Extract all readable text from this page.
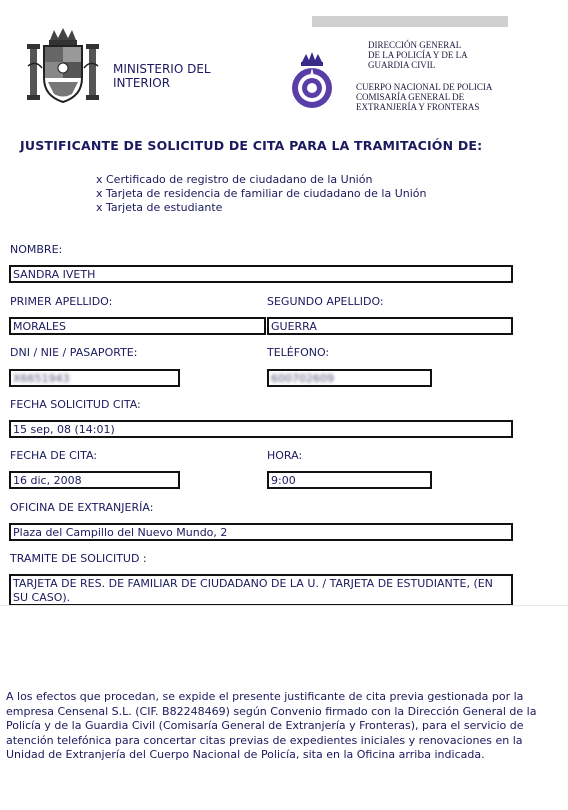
MINISTERIO DEL
INTERIOR
DIRECCIÓN GENERAL
DE LA POLICÍA Y DE LA
GUARDIA CIVIL
CUERPO NACIONAL DE POLICIA
COMISARÍA GENERAL DE
EXTRANJERÍA Y FRONTERAS
JUSTIFICANTE DE SOLICITUD DE CITA PARA LA TRAMITACIÓN DE:
x Certificado de registro de ciudadano de la Unión
x Tarjeta de residencia de familiar de ciudadano de la Unión
x Tarjeta de estudiante
NOMBRE:
SANDRA IVETH
PRIMER APELLIDO:	SEGUNDO APELLIDO:
MORALES	GUERRA
DNI / NIE / PASAPORTE:	TELÉFONO:
X6651943	600702609
FECHA SOLICITUD CITA:
15 sep, 08 (14:01)
FECHA DE CITA:	HORA:
16 dic, 2008	9:00
OFICINA DE EXTRANJERÍA:
Plaza del Campillo del Nuevo Mundo, 2
TRAMITE DE SOLICITUD :
TARJETA DE RES. DE FAMILIAR DE CIUDADANO DE LA U. / TARJETA DE ESTUDIANTE, (EN SU CASO).
A los efectos que procedan, se expide el presente justificante de cita previa gestionada por la empresa Censenal S.L. (CIF. B82248469) según Convenio firmado con la Dirección General de la Policía y de la Guardia Civil (Comisaría General de Extranjería y Fronteras), para el servicio de atención telefónica para concertar citas previas de expedientes iniciales y renovaciones en la Unidad de Extranjería del Cuerpo Nacional de Policía, sita en la Oficina arriba indicada.
